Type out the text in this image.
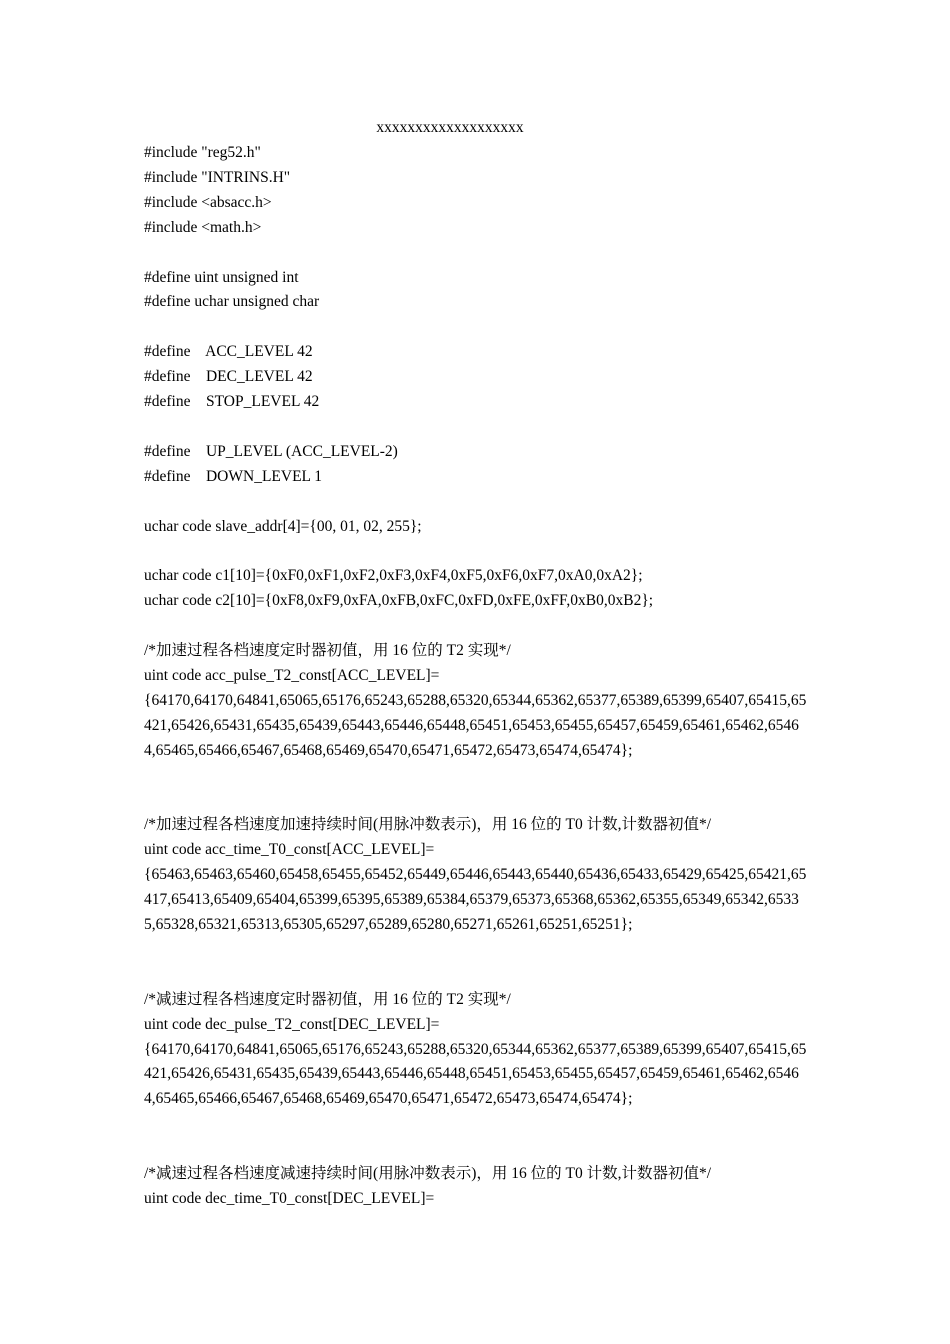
xxxxxxxxxxxxxxxxxxx
#include "reg52.h"
#include "INTRINS.H"
#include <absacc.h>
#include <math.h>
#define uint unsigned int
#define uchar unsigned char
#define    ACC_LEVEL 42
#define    DEC_LEVEL 42
#define    STOP_LEVEL 42
#define    UP_LEVEL (ACC_LEVEL-2)
#define    DOWN_LEVEL 1
uchar code slave_addr[4]={00, 01, 02, 255};
uchar code c1[10]={0xF0,0xF1,0xF2,0xF3,0xF4,0xF5,0xF6,0xF7,0xA0,0xA2};
uchar code c2[10]={0xF8,0xF9,0xFA,0xFB,0xFC,0xFD,0xFE,0xFF,0xB0,0xB2};
/*加速过程各档速度定时器初值，用 16 位的 T2 实现*/
uint code acc_pulse_T2_const[ACC_LEVEL]=
{64170,64170,64841,65065,65176,65243,65288,65320,65344,65362,65377,65389,65399,65407,65415,65421,65426,65431,65435,65439,65443,65446,65448,65451,65453,65455,65457,65459,65461,65462,65464,65465,65466,65467,65468,65469,65470,65471,65472,65473,65474,65474};
/*加速过程各档速度加速持续时间(用脉冲数表示)，用 16 位的 T0 计数,计数器初值*/
uint code acc_time_T0_const[ACC_LEVEL]=
{65463,65463,65460,65458,65455,65452,65449,65446,65443,65440,65436,65433,65429,65425,65421,65417,65413,65409,65404,65399,65395,65389,65384,65379,65373,65368,65362,65355,65349,65342,65335,65328,65321,65313,65305,65297,65289,65280,65271,65261,65251,65251};
/*减速过程各档速度定时器初值，用 16 位的 T2 实现*/
uint code dec_pulse_T2_const[DEC_LEVEL]=
{64170,64170,64841,65065,65176,65243,65288,65320,65344,65362,65377,65389,65399,65407,65415,65421,65426,65431,65435,65439,65443,65446,65448,65451,65453,65455,65457,65459,65461,65462,65464,65465,65466,65467,65468,65469,65470,65471,65472,65473,65474,65474};
/*减速过程各档速度减速持续时间(用脉冲数表示)，用 16 位的 T0 计数,计数器初值*/
uint code dec_time_T0_const[DEC_LEVEL]=
